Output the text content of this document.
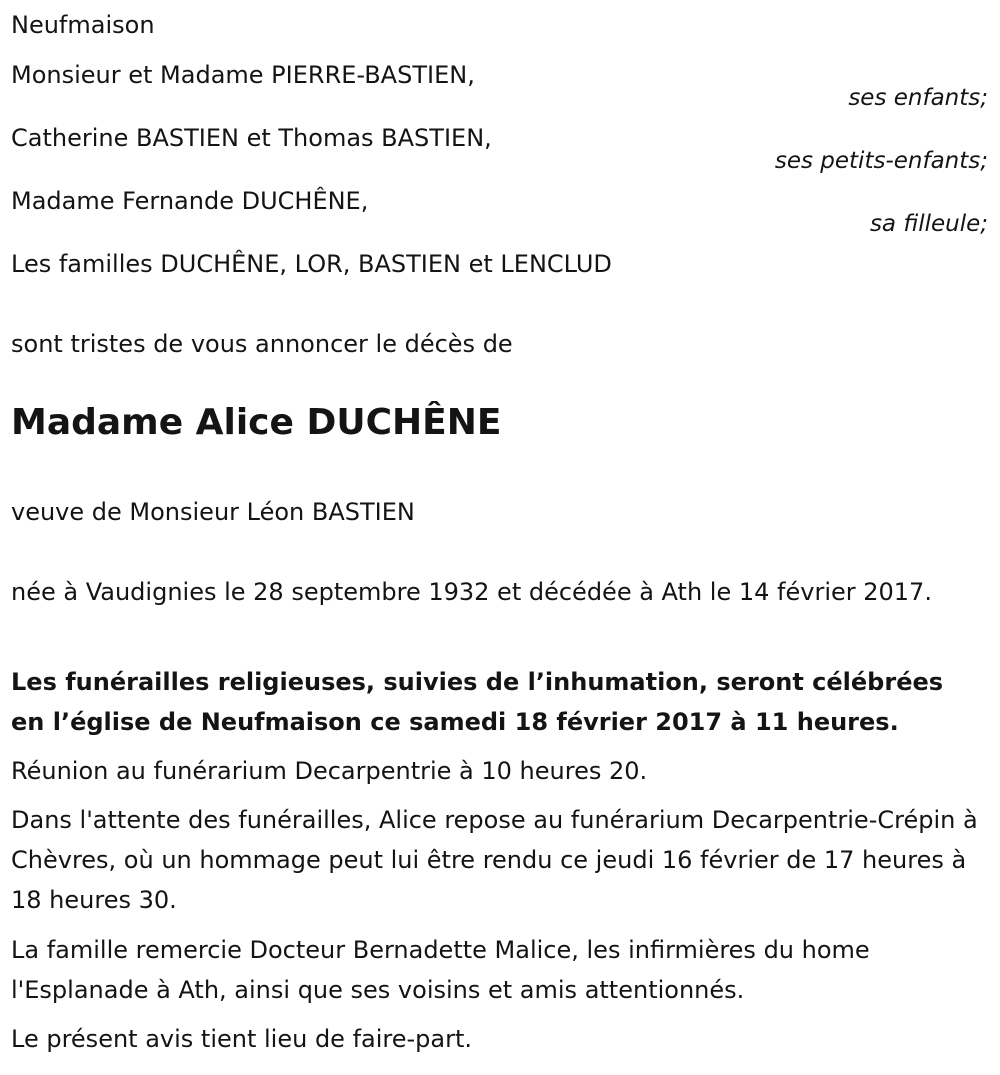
Neufmaison
Monsieur et Madame PIERRE-BASTIEN,
ses enfants;
Catherine BASTIEN et Thomas BASTIEN,
ses petits-enfants;
Madame Fernande DUCHÊNE,
sa filleule;
Les familles DUCHÊNE, LOR, BASTIEN et LENCLUD
sont tristes de vous annoncer le décès de
Madame Alice DUCHÊNE
veuve de Monsieur Léon BASTIEN
née à Vaudignies le 28 septembre 1932 et décédée à Ath le 14 février 2017.
Les funérailles religieuses, suivies de l’inhumation, seront célébrées en l’église de Neufmaison ce samedi 18 février 2017 à 11 heures.
Réunion au funérarium Decarpentrie à 10 heures 20.
Dans l'attente des funérailles, Alice repose au funérarium Decarpentrie-Crépin à Chèvres, où un hommage peut lui être rendu ce jeudi 16 février de 17 heures à 18 heures 30.
La famille remercie Docteur Bernadette Malice, les infirmières du home l'Esplanade à Ath, ainsi que ses voisins et amis attentionnés.
Le présent avis tient lieu de faire-part.
